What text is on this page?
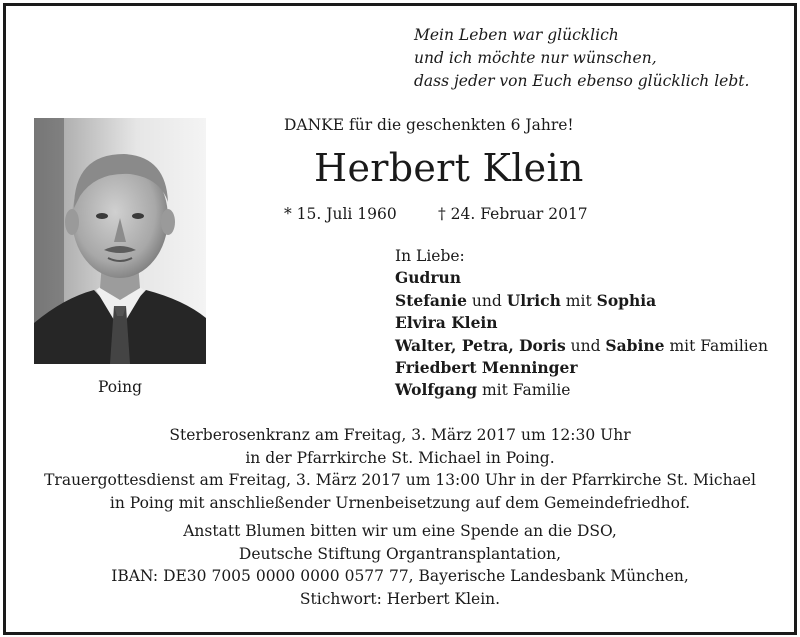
Mein Leben war glücklich
und ich möchte nur wünschen,
dass jeder von Euch ebenso glücklich lebt.
Poing
DANKE für die geschenkten 6 Jahre!
Herbert Klein
* 15. Juli 1960	† 24. Februar 2017
In Liebe:
Gudrun
Stefanie und Ulrich mit Sophia
Elvira Klein
Walter, Petra, Doris und Sabine mit Familien
Friedbert Menninger
Wolfgang mit Familie
Sterberosenkranz am Freitag, 3. März 2017 um 12:30 Uhr
in der Pfarrkirche St. Michael in Poing.
Trauergottesdienst am Freitag, 3. März 2017 um 13:00 Uhr in der Pfarrkirche St. Michael
in Poing mit anschließender Urnenbeisetzung auf dem Gemeindefriedhof.
Anstatt Blumen bitten wir um eine Spende an die DSO,
Deutsche Stiftung Organtransplantation,
IBAN: DE30 7005 0000 0000 0577 77, Bayerische Landesbank München,
Stichwort: Herbert Klein.
